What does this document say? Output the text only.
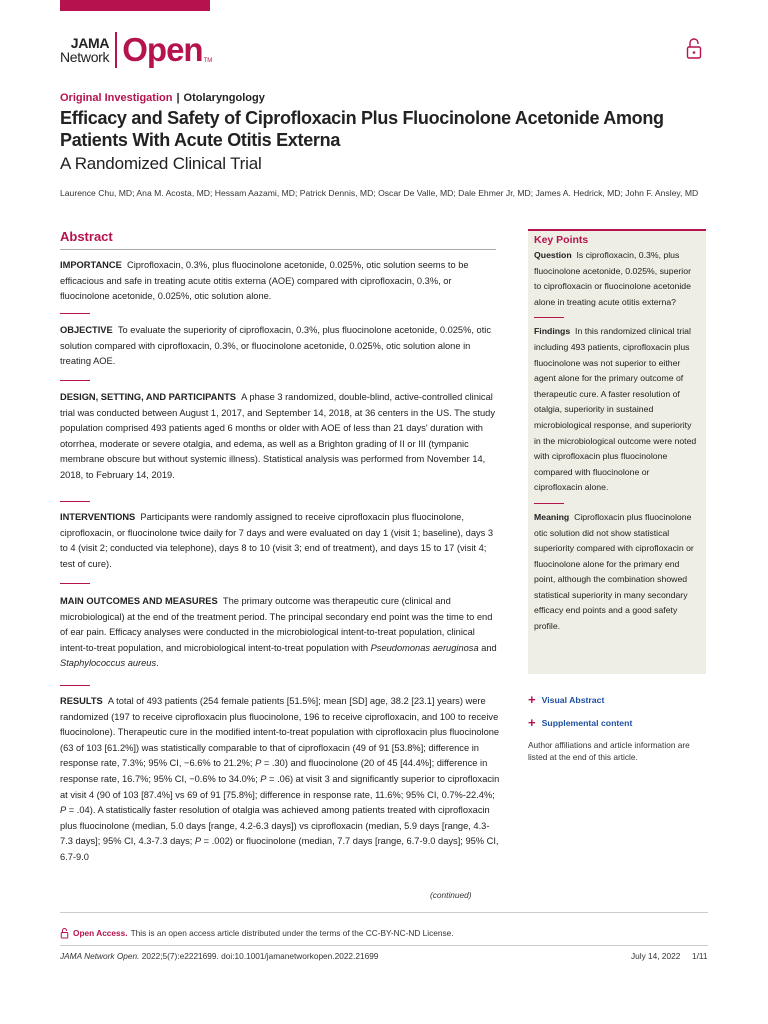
JAMA
Network Open TM
Original Investigation | Otolaryngology
Efficacy and Safety of Ciprofloxacin Plus Fluocinolone Acetonide Among Patients With Acute Otitis Externa
A Randomized Clinical Trial
Laurence Chu, MD; Ana M. Acosta, MD; Hessam Aazami, MD; Patrick Dennis, MD; Oscar De Valle, MD; Dale Ehmer Jr, MD; James A. Hedrick, MD; John F. Ansley, MD
Abstract
IMPORTANCE Ciprofloxacin, 0.3%, plus fluocinolone acetonide, 0.025%, otic solution seems to be efficacious and safe in treating acute otitis externa (AOE) compared with ciprofloxacin, 0.3%, or fluocinolone acetonide, 0.025%, otic solution alone.
OBJECTIVE To evaluate the superiority of ciprofloxacin, 0.3%, plus fluocinolone acetonide, 0.025%, otic solution compared with ciprofloxacin, 0.3%, or fluocinolone acetonide, 0.025%, otic solution alone in treating AOE.
DESIGN, SETTING, AND PARTICIPANTS A phase 3 randomized, double-blind, active-controlled clinical trial was conducted between August 1, 2017, and September 14, 2018, at 36 centers in the US. The study population comprised 493 patients aged 6 months or older with AOE of less than 21 days' duration with otorrhea, moderate or severe otalgia, and edema, as well as a Brighton grading of II or III (tympanic membrane obscure but without systemic illness). Statistical analysis was performed from November 14, 2018, to February 14, 2019.
INTERVENTIONS Participants were randomly assigned to receive ciprofloxacin plus fluocinolone, ciprofloxacin, or fluocinolone twice daily for 7 days and were evaluated on day 1 (visit 1; baseline), days 3 to 4 (visit 2; conducted via telephone), days 8 to 10 (visit 3; end of treatment), and days 15 to 17 (visit 4; test of cure).
MAIN OUTCOMES AND MEASURES The primary outcome was therapeutic cure (clinical and microbiological) at the end of the treatment period. The principal secondary end point was the time to end of ear pain. Efficacy analyses were conducted in the microbiological intent-to-treat population, clinical intent-to-treat population, and microbiological intent-to-treat population with Pseudomonas aeruginosa and Staphylococcus aureus.
RESULTS A total of 493 patients (254 female patients [51.5%]; mean [SD] age, 38.2 [23.1] years) were randomized (197 to receive ciprofloxacin plus fluocinolone, 196 to receive ciprofloxacin, and 100 to receive fluocinolone). Therapeutic cure in the modified intent-to-treat population with ciprofloxacin plus fluocinolone (63 of 103 [61.2%]) was statistically comparable to that of ciprofloxacin (49 of 91 [53.8%]; difference in response rate, 7.3%; 95% CI, −6.6% to 21.2%; P = .30) and fluocinolone (20 of 45 [44.4%]; difference in response rate, 16.7%; 95% CI, −0.6% to 34.0%; P = .06) at visit 3 and significantly superior to ciprofloxacin at visit 4 (90 of 103 [87.4%] vs 69 of 91 [75.8%]; difference in response rate, 11.6%; 95% CI, 0.7%-22.4%; P = .04). A statistically faster resolution of otalgia was achieved among patients treated with ciprofloxacin plus fluocinolone (median, 5.0 days [range, 4.2-6.3 days]) vs ciprofloxacin (median, 5.9 days [range, 4.3-7.3 days]; 95% CI, 4.3-7.3 days; P = .002) or fluocinolone (median, 7.7 days [range, 6.7-9.0 days]; 95% CI, 6.7-9.0
(continued)
Key Points
Question Is ciprofloxacin, 0.3%, plus fluocinolone acetonide, 0.025%, superior to ciprofloxacin or fluocinolone acetonide alone in treating acute otitis externa?
Findings In this randomized clinical trial including 493 patients, ciprofloxacin plus fluocinolone was not superior to either agent alone for the primary outcome of therapeutic cure. A faster resolution of otalgia, superiority in sustained microbiological response, and superiority in the microbiological outcome were noted with ciprofloxacin plus fluocinolone compared with fluocinolone or ciprofloxacin alone.
Meaning Ciprofloxacin plus fluocinolone otic solution did not show statistical superiority compared with ciprofloxacin or fluocinolone alone for the primary end point, although the combination showed statistical superiority in many secondary efficacy end points and a good safety profile.
+ Visual Abstract
+ Supplemental content
Author affiliations and article information are listed at the end of this article.
Open Access. This is an open access article distributed under the terms of the CC-BY-NC-ND License.
JAMA Network Open. 2022;5(7):e2221699. doi:10.1001/jamanetworkopen.2022.21699	July 14, 2022 1/11
